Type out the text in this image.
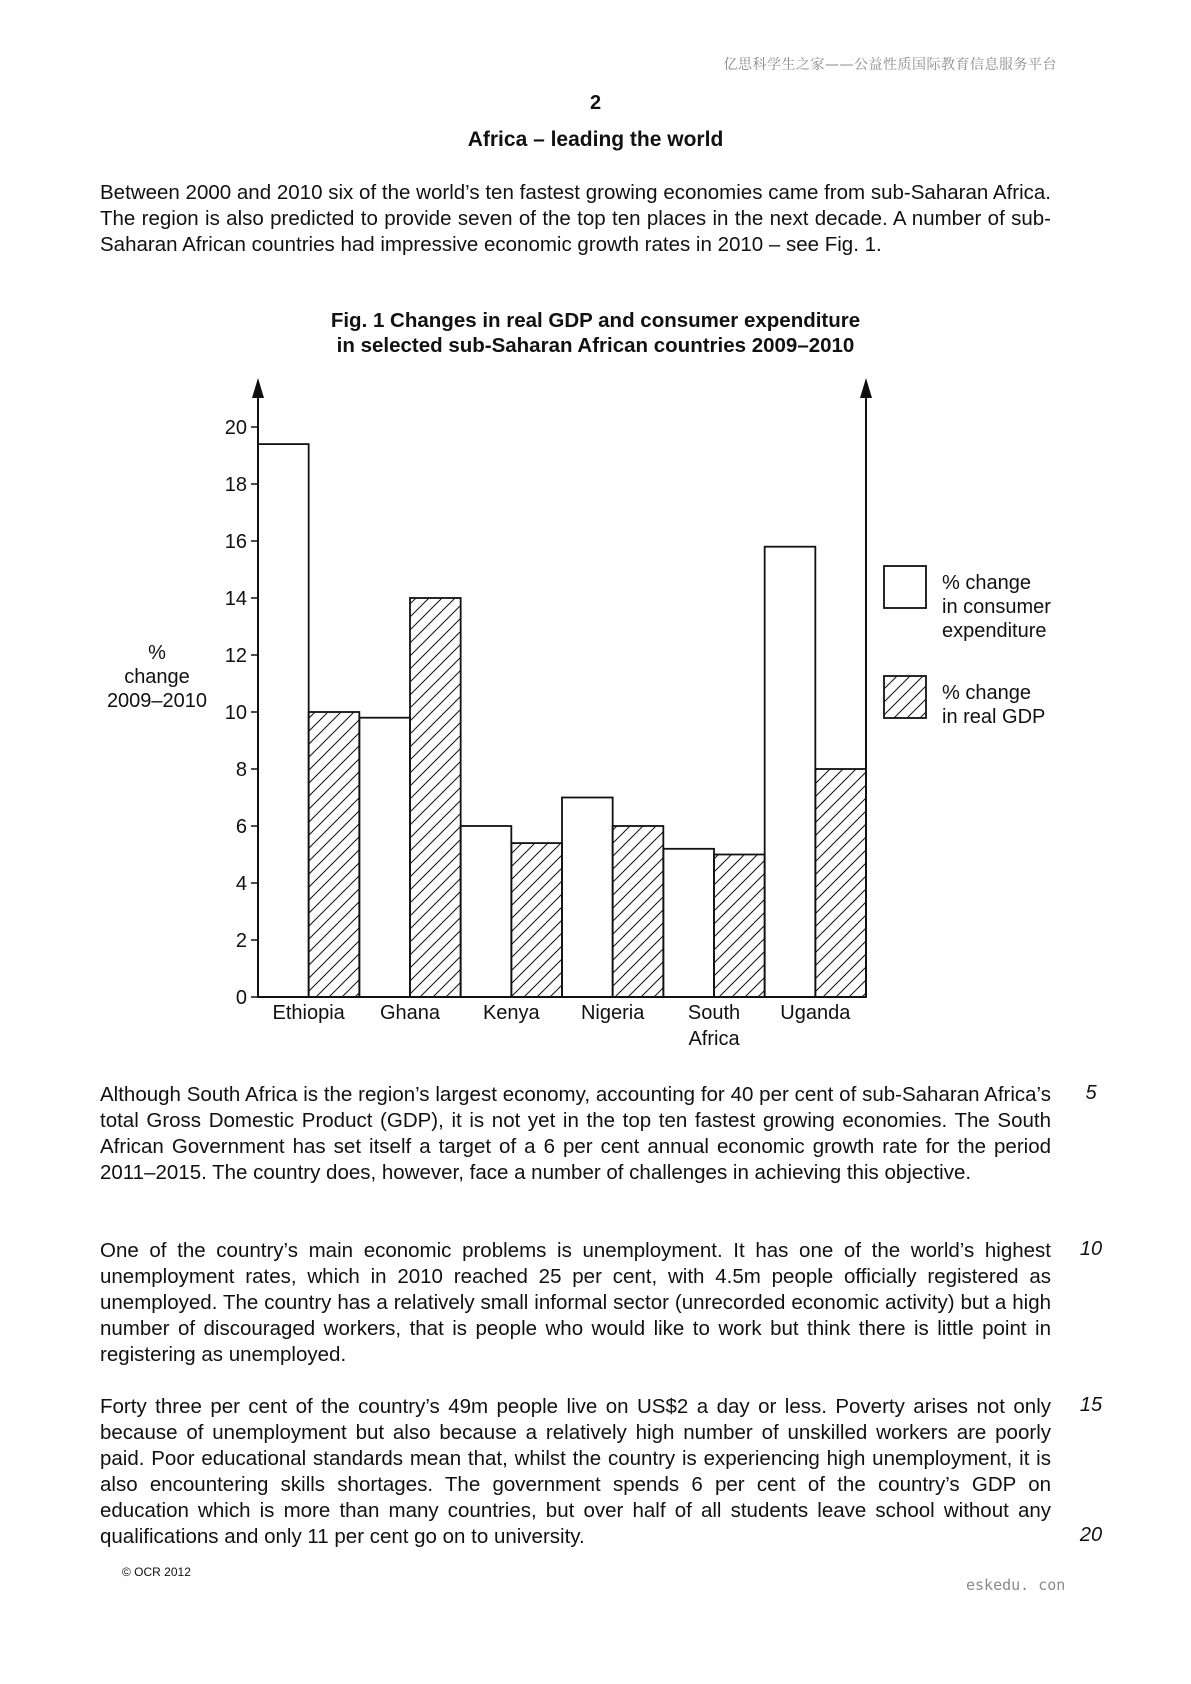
亿思科学生之家——公益性质国际教育信息服务平台
2
Africa – leading the world

Between 2000 and 2010 six of the world’s ten fastest growing economies came from sub-Saharan Africa. The region is also predicted to provide seven of the top ten places in the next decade. A number of sub-Saharan African countries had impressive economic growth rates in 2010 – see Fig. 1.

Fig. 1 Changes in real GDP and consumer expenditure
in selected sub-Saharan African countries 2009–2010
0
2
4
6
8
10
12
14
16
18
20
Ethiopia Ghana Kenya Nigeria South
Africa
Uganda
%
change
2009–2010
% change
in consumer
expenditure
% change
in real GDP

Although South Africa is the region’s largest economy, accounting for 40 per cent of sub-Saharan Africa’s total Gross Domestic Product (GDP), it is not yet in the top ten fastest growing economies. The South African Government has set itself a target of a 6 per cent annual economic growth rate for the period 2011–2015. The country does, however, face a number of challenges in achieving this objective.

One of the country’s main economic problems is unemployment. It has one of the world’s highest unemployment rates, which in 2010 reached 25 per cent, with 4.5m people officially registered as unemployed. The country has a relatively small informal sector (unrecorded economic activity) but a high number of discouraged workers, that is people who would like to work but think there is little point in registering as unemployed.

Forty three per cent of the country’s 49m people live on US$2 a day or less. Poverty arises not only because of unemployment but also because a relatively high number of unskilled workers are poorly paid. Poor educational standards mean that, whilst the country is experiencing high unemployment, it is also encountering skills shortages. The government spends 6 per cent of the country’s GDP on education which is more than many countries, but over half of all students leave school without any qualifications and only 11 per cent go on to university.

5
10
15
20
© OCR 2012
eskedu. con
